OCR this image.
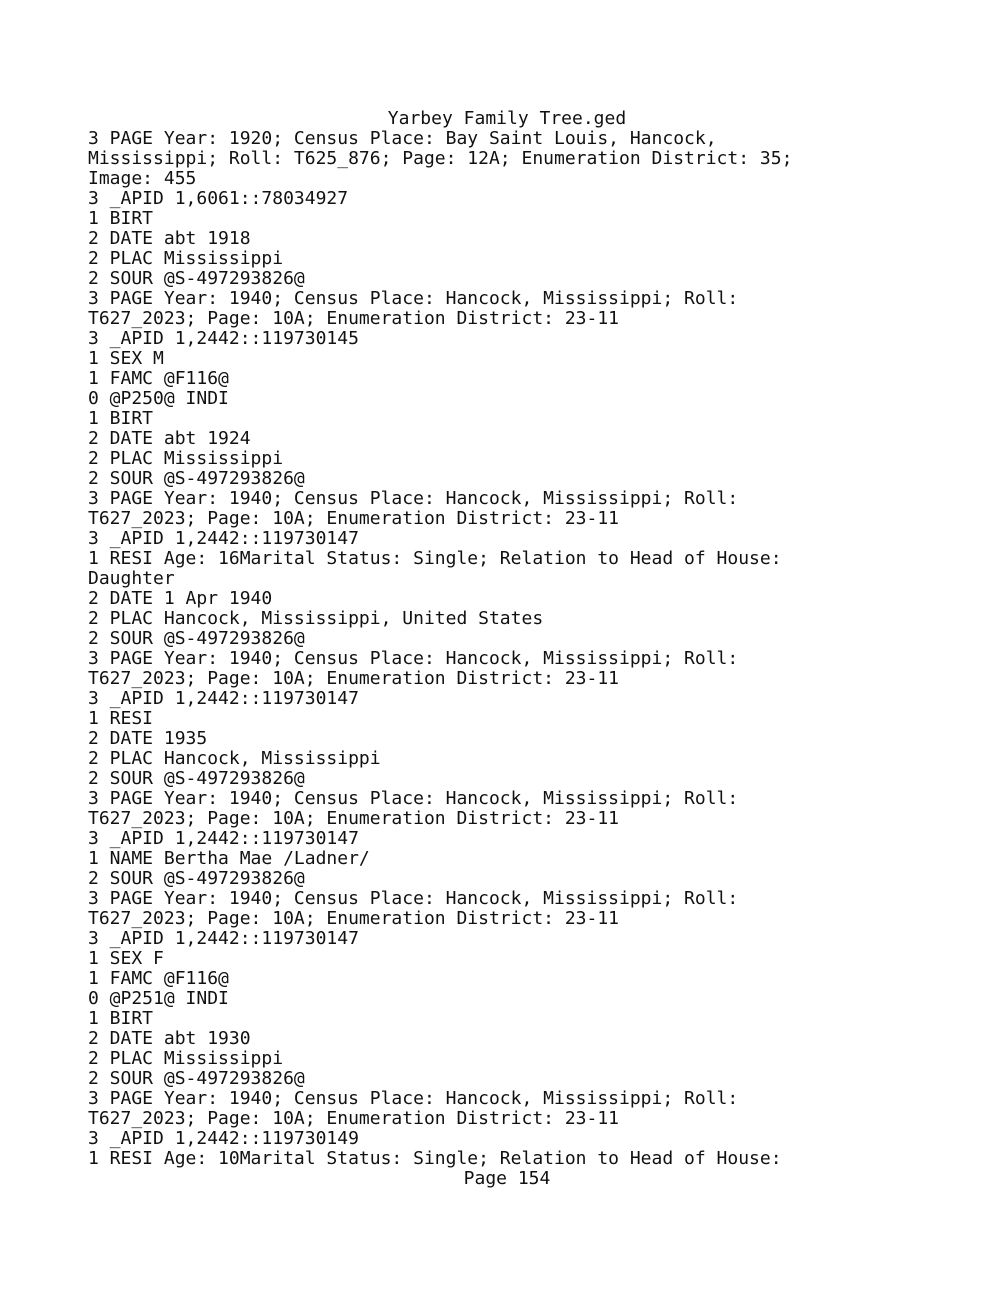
Yarbey Family Tree.ged
3 PAGE Year: 1920; Census Place: Bay Saint Louis, Hancock,
Mississippi; Roll: T625_876; Page: 12A; Enumeration District: 35;
Image: 455
3 _APID 1,6061::78034927
1 BIRT
2 DATE abt 1918
2 PLAC Mississippi
2 SOUR @S-497293826@
3 PAGE Year: 1940; Census Place: Hancock, Mississippi; Roll:
T627_2023; Page: 10A; Enumeration District: 23-11
3 _APID 1,2442::119730145
1 SEX M
1 FAMC @F116@
0 @P250@ INDI
1 BIRT
2 DATE abt 1924
2 PLAC Mississippi
2 SOUR @S-497293826@
3 PAGE Year: 1940; Census Place: Hancock, Mississippi; Roll:
T627_2023; Page: 10A; Enumeration District: 23-11
3 _APID 1,2442::119730147
1 RESI Age: 16Marital Status: Single; Relation to Head of House:
Daughter
2 DATE 1 Apr 1940
2 PLAC Hancock, Mississippi, United States
2 SOUR @S-497293826@
3 PAGE Year: 1940; Census Place: Hancock, Mississippi; Roll:
T627_2023; Page: 10A; Enumeration District: 23-11
3 _APID 1,2442::119730147
1 RESI
2 DATE 1935
2 PLAC Hancock, Mississippi
2 SOUR @S-497293826@
3 PAGE Year: 1940; Census Place: Hancock, Mississippi; Roll:
T627_2023; Page: 10A; Enumeration District: 23-11
3 _APID 1,2442::119730147
1 NAME Bertha Mae /Ladner/
2 SOUR @S-497293826@
3 PAGE Year: 1940; Census Place: Hancock, Mississippi; Roll:
T627_2023; Page: 10A; Enumeration District: 23-11
3 _APID 1,2442::119730147
1 SEX F
1 FAMC @F116@
0 @P251@ INDI
1 BIRT
2 DATE abt 1930
2 PLAC Mississippi
2 SOUR @S-497293826@
3 PAGE Year: 1940; Census Place: Hancock, Mississippi; Roll:
T627_2023; Page: 10A; Enumeration District: 23-11
3 _APID 1,2442::119730149
1 RESI Age: 10Marital Status: Single; Relation to Head of House:
Page 154
